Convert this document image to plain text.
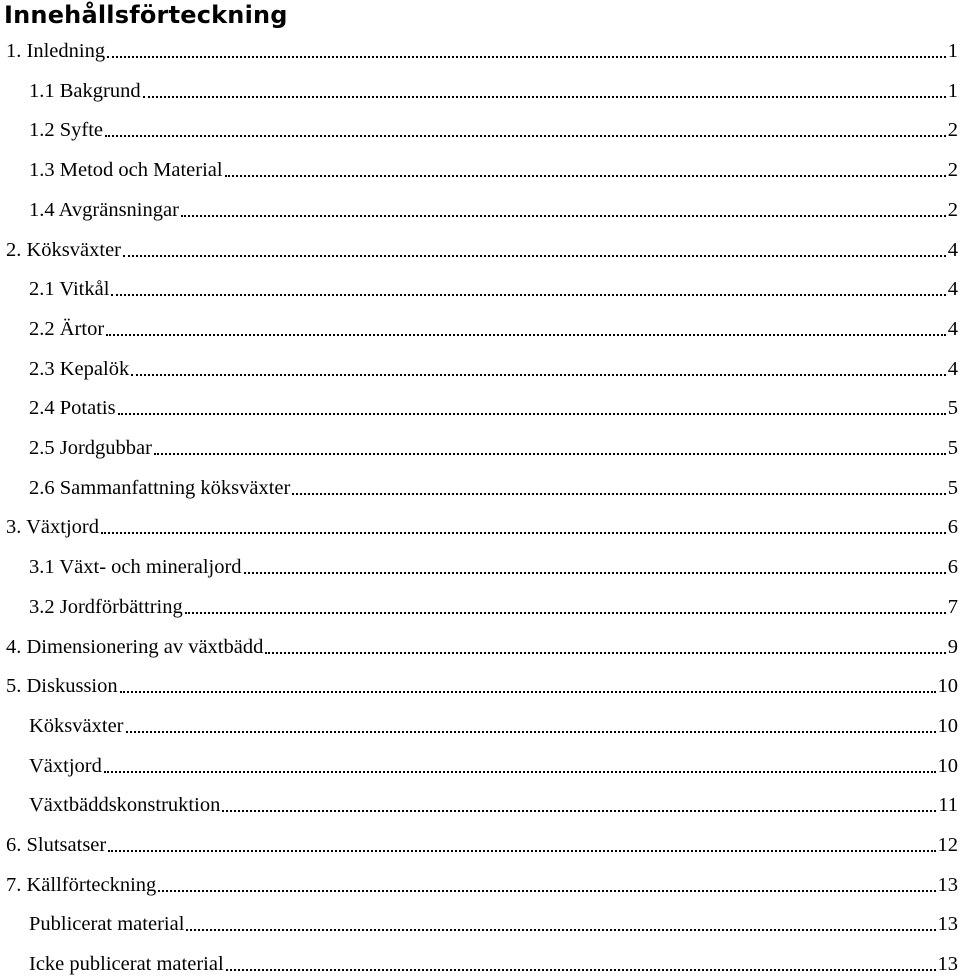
Innehållsförteckning
1. Inledning	1
1.1 Bakgrund	1
1.2 Syfte	2
1.3 Metod och Material	2
1.4 Avgränsningar	2
2. Köksväxter	4
2.1 Vitkål	4
2.2 Ärtor	4
2.3 Kepalök	4
2.4 Potatis	5
2.5 Jordgubbar	5
2.6 Sammanfattning köksväxter	5
3. Växtjord	6
3.1 Växt- och mineraljord	6
3.2 Jordförbättring	7
4. Dimensionering av växtbädd	9
5. Diskussion	10
Köksväxter	10
Växtjord	10
Växtbäddskonstruktion	11
6. Slutsatser	12
7. Källförteckning	13
Publicerat material	13
Icke publicerat material	13
